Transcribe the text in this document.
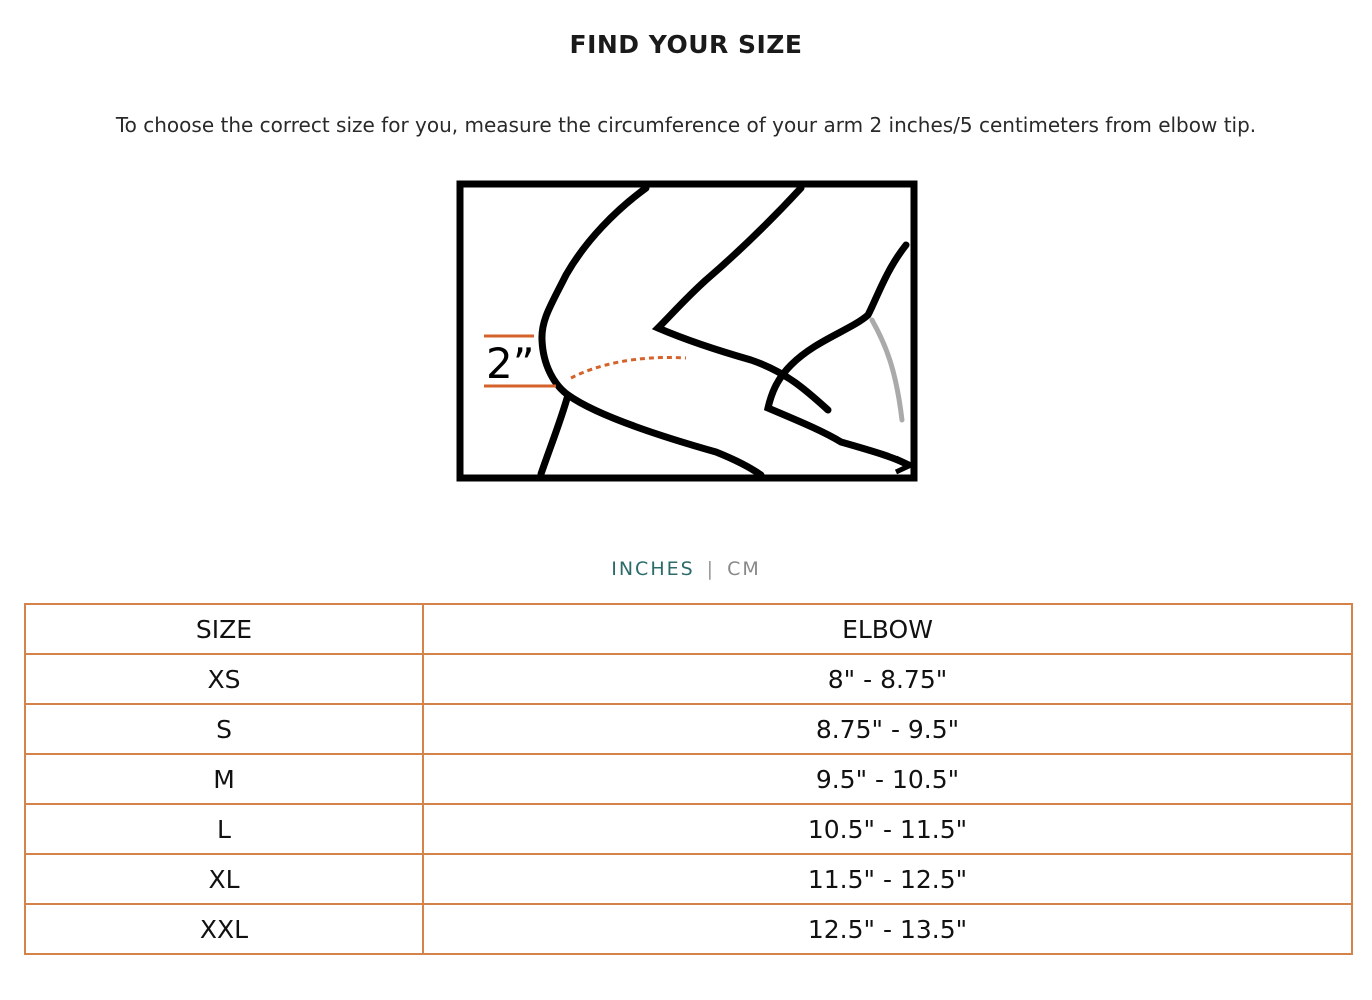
FIND YOUR SIZE
To choose the correct size for you, measure the circumference of your arm 2 inches/5 centimeters from elbow tip.
2”
INCHES | CM
SIZE	ELBOW
XS	8" - 8.75"
S	8.75" - 9.5"
M	9.5" - 10.5"
L	10.5" - 11.5"
XL	11.5" - 12.5"
XXL	12.5" - 13.5"
